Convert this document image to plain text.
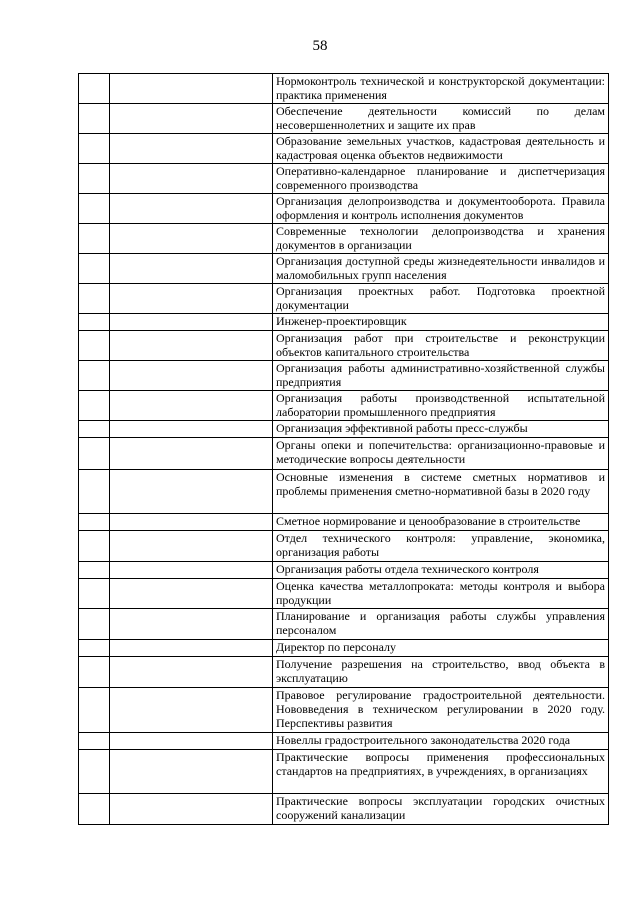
58
		Нормоконтроль технической и конструкторской документации: практика применения
		Обеспечение деятельности комиссий по делам несовершеннолетних и защите их прав
		Образование земельных участков, кадастровая деятельность и кадастровая оценка объектов недвижимости
		Оперативно-календарное планирование и диспетчеризация современного производства
		Организация делопроизводства и документооборота. Правила оформления и контроль исполнения документов
		Современные технологии делопроизводства и хранения документов в организации
		Организация доступной среды жизнедеятельности инвалидов и маломобильных групп населения
		Организация проектных работ. Подготовка проектной документации
		Инженер-проектировщик
		Организация работ при строительстве и реконструкции объектов капитального строительства
		Организация работы административно-хозяйственной службы предприятия
		Организация работы производственной испытательной лаборатории промышленного предприятия
		Организация эффективной работы пресс-службы
		Органы опеки и попечительства: организационно-правовые и методические вопросы деятельности
		Основные изменения в системе сметных нормативов и проблемы применения сметно-нормативной базы в 2020 году
		Сметное нормирование и ценообразование в строительстве
		Отдел технического контроля: управление, экономика, организация работы
		Организация работы отдела технического контроля
		Оценка качества металлопроката: методы контроля и выбора продукции
		Планирование и организация работы службы управления персоналом
		Директор по персоналу
		Получение разрешения на строительство, ввод объекта в эксплуатацию
		Правовое регулирование градостроительной деятельности. Нововведения в техническом регулировании в 2020 году. Перспективы развития
		Новеллы градостроительного законодательства 2020 года
		Практические вопросы применения профессиональных стандартов на предприятиях, в учреждениях, в организациях
		Практические вопросы эксплуатации городских очистных сооружений канализации
